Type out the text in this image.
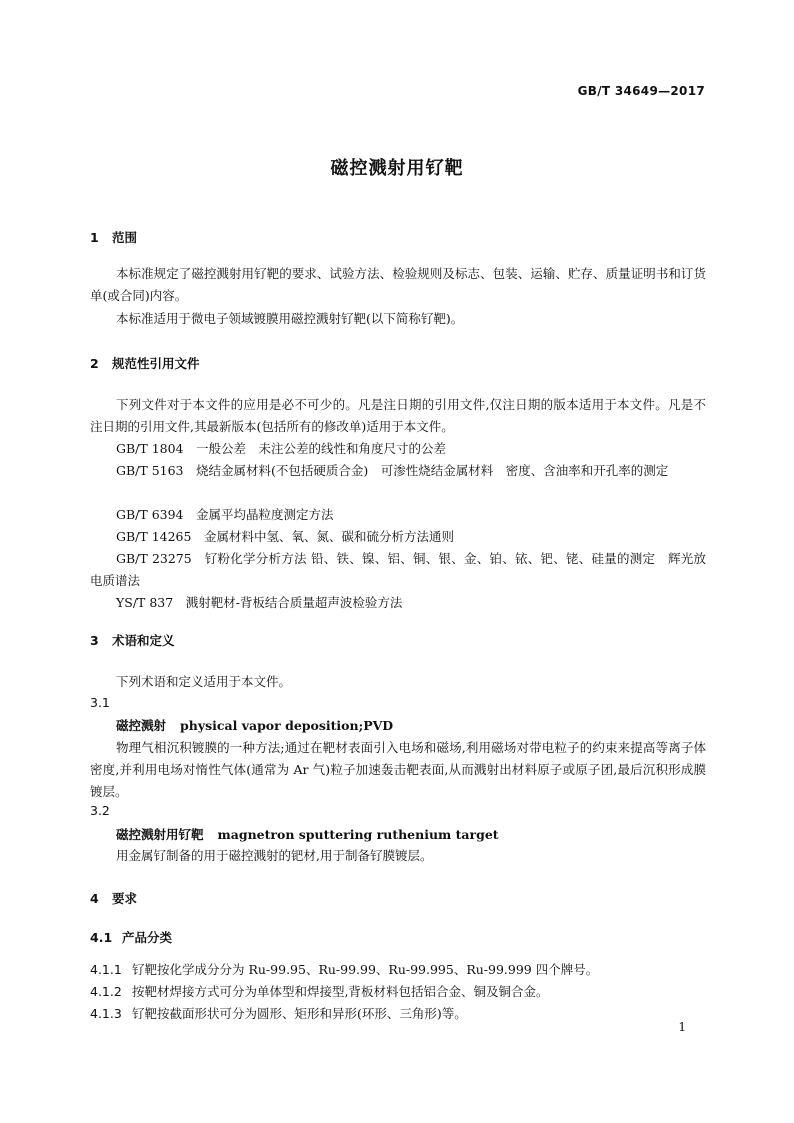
GB/T 34649—2017
磁控溅射用钌靶
1 范围
本标准规定了磁控溅射用钌靶的要求、试验方法、检验规则及标志、包装、运输、贮存、质量证明书和订货单(或合同)内容。
本标准适用于微电子领域镀膜用磁控溅射钌靶(以下简称钌靶)。
2 规范性引用文件
下列文件对于本文件的应用是必不可少的。凡是注日期的引用文件,仅注日期的版本适用于本文件。凡是不注日期的引用文件,其最新版本(包括所有的修改单)适用于本文件。
GB/T 1804　一般公差　未注公差的线性和角度尺寸的公差
GB/T 5163　烧结金属材料(不包括硬质合金)　可渗性烧结金属材料　密度、含油率和开孔率的测定
GB/T 6394　金属平均晶粒度测定方法
GB/T 14265　金属材料中氢、氧、氮、碳和硫分析方法通则
GB/T 23275　钌粉化学分析方法 铅、铁、镍、铝、铜、银、金、铂、铱、钯、铑、硅量的测定　辉光放电质谱法
YS/T 837　溅射靶材-背板结合质量超声波检验方法
3 术语和定义
下列术语和定义适用于本文件。
3.1
磁控溅射 physical vapor deposition;PVD
物理气相沉积镀膜的一种方法;通过在靶材表面引入电场和磁场,利用磁场对带电粒子的约束来提高等离子体密度,并利用电场对惰性气体(通常为 Ar 气)粒子加速轰击靶表面,从而溅射出材料原子或原子团,最后沉积形成膜镀层。
3.2
磁控溅射用钌靶 magnetron sputtering ruthenium target
用金属钌制备的用于磁控溅射的钯材,用于制备钌膜镀层。
4 要求
4.1 产品分类
4.1.1 钌靶按化学成分分为 Ru-99.95、Ru-99.99、Ru-99.995、Ru-99.999 四个牌号。
4.1.2 按靶材焊接方式可分为单体型和焊接型,背板材料包括铝合金、铜及铜合金。
4.1.3 钌靶按截面形状可分为圆形、矩形和异形(环形、三角形)等。
1
